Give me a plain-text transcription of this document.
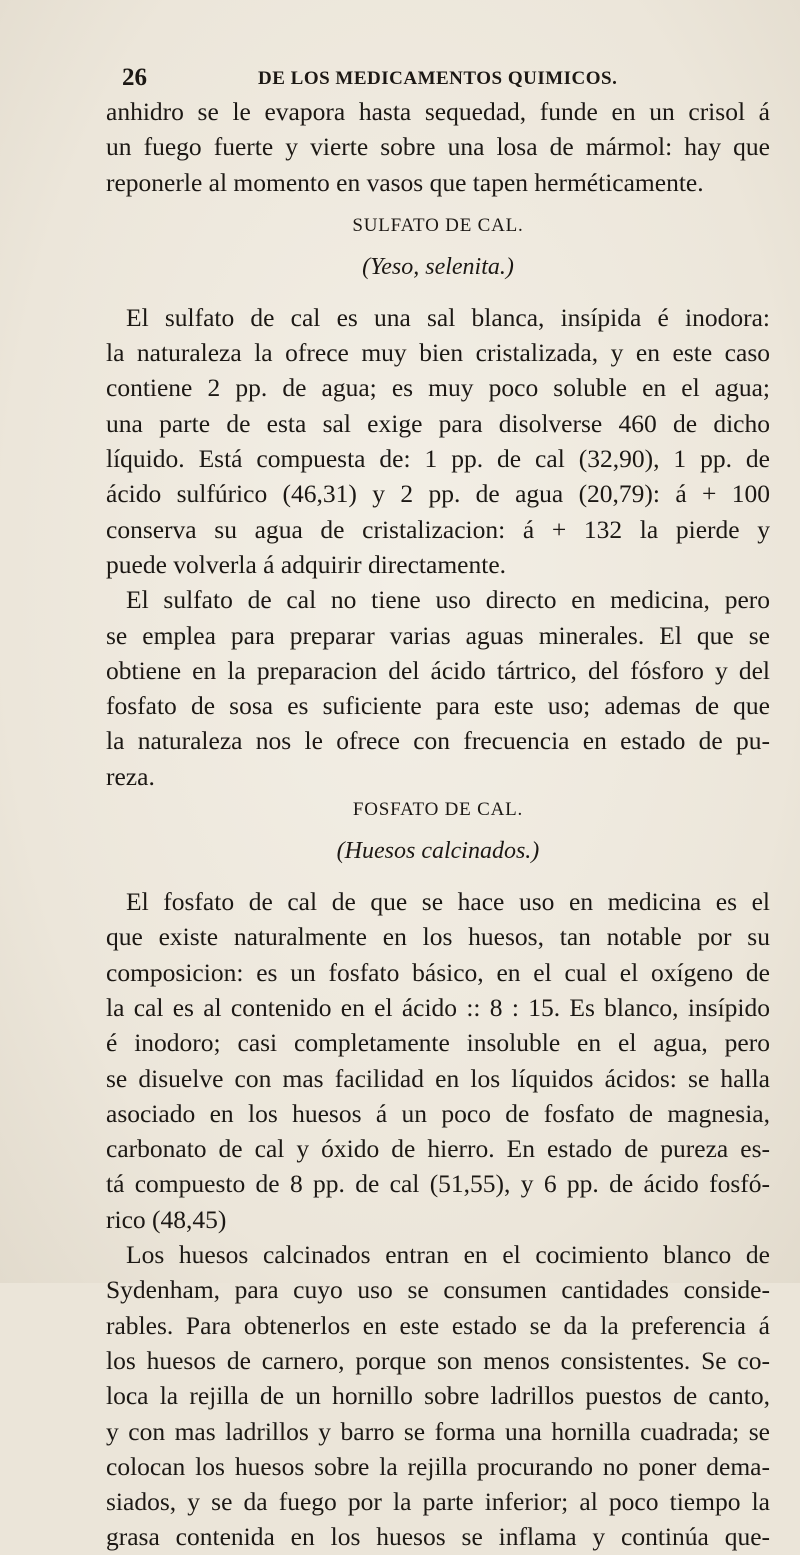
26	DE LOS MEDICAMENTOS QUIMICOS.
anhidro se le evapora hasta sequedad, funde en un crisol á
un fuego fuerte y vierte sobre una losa de mármol: hay que
reponerle al momento en vasos que tapen herméticamente.
SULFATO DE CAL.
(Yeso, selenita.)
El sulfato de cal es una sal blanca, insípida é inodora:
la naturaleza la ofrece muy bien cristalizada, y en este caso
contiene 2 pp. de agua; es muy poco soluble en el agua;
una parte de esta sal exige para disolverse 460 de dicho
líquido. Está compuesta de: 1 pp. de cal (32,90), 1 pp. de
ácido sulfúrico (46,31) y 2 pp. de agua (20,79): á + 100
conserva su agua de cristalizacion: á + 132 la pierde y
puede volverla á adquirir directamente.
El sulfato de cal no tiene uso directo en medicina, pero
se emplea para preparar varias aguas minerales. El que se
obtiene en la preparacion del ácido tártrico, del fósforo y del
fosfato de sosa es suficiente para este uso; ademas de que
la naturaleza nos le ofrece con frecuencia en estado de pu-
reza.
FOSFATO DE CAL.
(Huesos calcinados.)
El fosfato de cal de que se hace uso en medicina es el
que existe naturalmente en los huesos, tan notable por su
composicion: es un fosfato básico, en el cual el oxígeno de
la cal es al contenido en el ácido :: 8 : 15. Es blanco, insípido
é inodoro; casi completamente insoluble en el agua, pero
se disuelve con mas facilidad en los líquidos ácidos: se halla
asociado en los huesos á un poco de fosfato de magnesia,
carbonato de cal y óxido de hierro. En estado de pureza es-
tá compuesto de 8 pp. de cal (51,55), y 6 pp. de ácido fosfó-
rico (48,45)
Los huesos calcinados entran en el cocimiento blanco de
Sydenham, para cuyo uso se consumen cantidades conside-
rables. Para obtenerlos en este estado se da la preferencia á
los huesos de carnero, porque son menos consistentes. Se co-
loca la rejilla de un hornillo sobre ladrillos puestos de canto,
y con mas ladrillos y barro se forma una hornilla cuadrada; se
colocan los huesos sobre la rejilla procurando no poner dema-
siados, y se da fuego por la parte inferior; al poco tiempo la
grasa contenida en los huesos se inflama y continúa que-
